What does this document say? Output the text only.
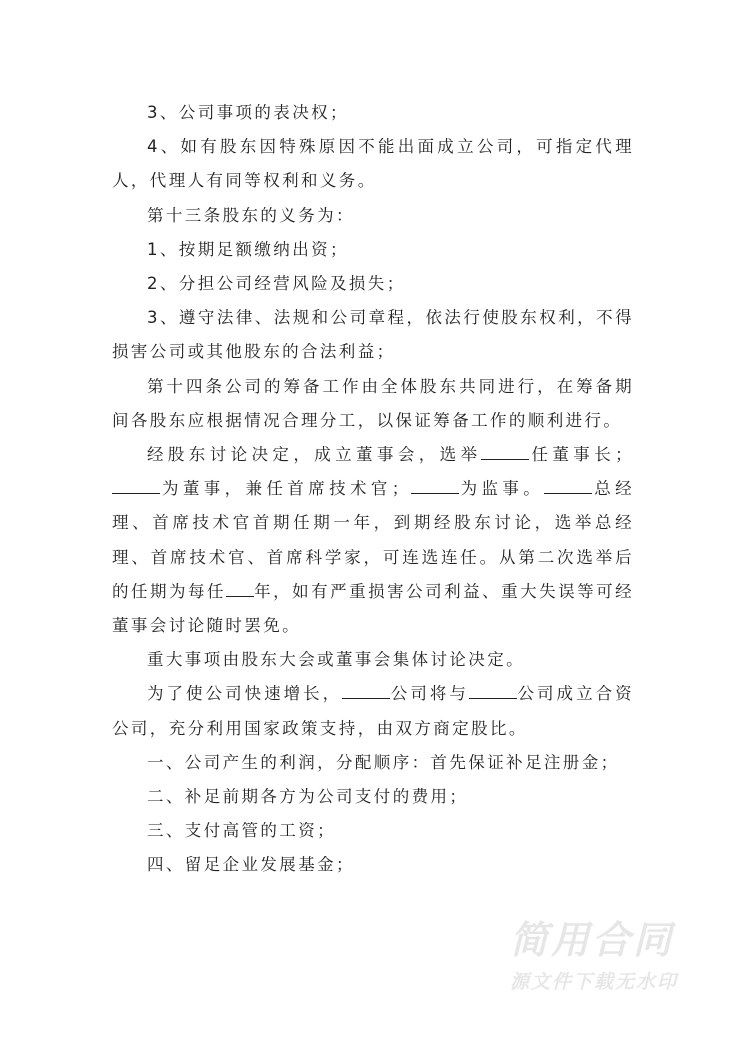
3、公司事项的表决权；

4、如有股东因特殊原因不能出面成立公司，可指定代理人，代理人有同等权利和义务。

第十三条股东的义务为：

1、按期足额缴纳出资；

2、分担公司经营风险及损失；

3、遵守法律、法规和公司章程，依法行使股东权利，不得损害公司或其他股东的合法利益；

第十四条公司的筹备工作由全体股东共同进行，在筹备期间各股东应根据情况合理分工，以保证筹备工作的顺利进行。

经股东讨论决定，成立董事会，选举	任董事长；为董事，兼任首席技术官；	为监事。	总经理、首席技术官首期任期一年，到期经股东讨论，选举总经理、首席技术官、首席科学家，可连选连任。从第二次选举后的任期为每任 年，如有严重损害公司利益、重大失误等可经董事会讨论随时罢免。

重大事项由股东大会或董事会集体讨论决定。

为了使公司快速增长，	公司将与	公司成立合资公司，充分利用国家政策支持，由双方商定股比。

一、公司产生的利润，分配顺序：首先保证补足注册金；

二、补足前期各方为公司支付的费用；

三、支付高管的工资；

四、留足企业发展基金；

简用合同
源文件下载无水印
